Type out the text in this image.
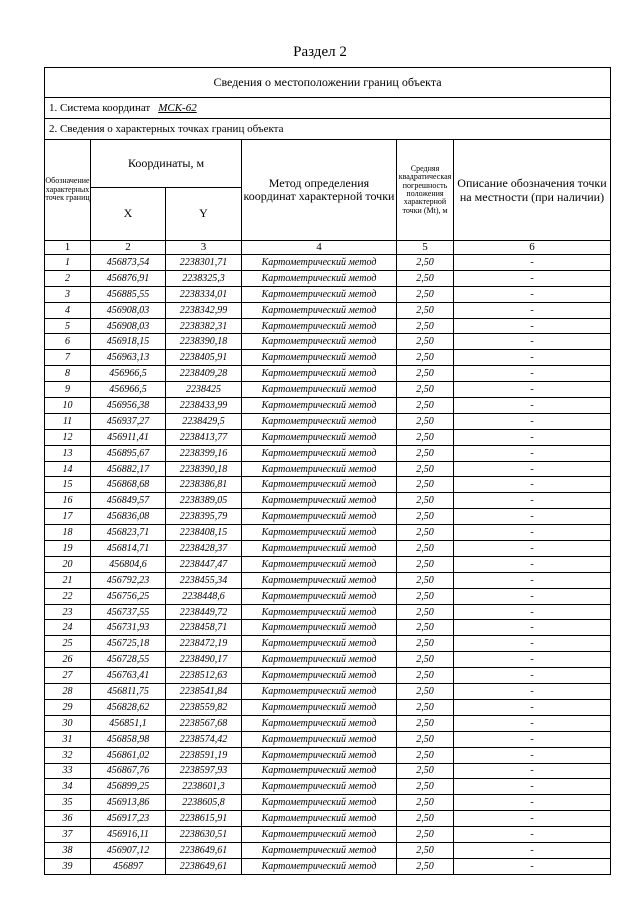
Раздел 2
Сведения о местоположении границ объекта					
1. Система координат МСК-62					
2. Сведения о характерных точках границ объекта					
Обозначение характерных точек границ	Координаты, м		Метод определения координат характерной точки	Средняя квадратическая погрешность положения характерной точки (Mt), м	Описание обозначения точки на местности (при наличии)
	X	Y			
1	2	3	4	5	6
1	456873,54	2238301,71	Картометрический метод	2,50	-
2	456876,91	2238325,3	Картометрический метод	2,50	-
3	456885,55	2238334,01	Картометрический метод	2,50	-
4	456908,03	2238342,99	Картометрический метод	2,50	-
5	456908,03	2238382,31	Картометрический метод	2,50	-
6	456918,15	2238390,18	Картометрический метод	2,50	-
7	456963,13	2238405,91	Картометрический метод	2,50	-
8	456966,5	2238409,28	Картометрический метод	2,50	-
9	456966,5	2238425	Картометрический метод	2,50	-
10	456956,38	2238433,99	Картометрический метод	2,50	-
11	456937,27	2238429,5	Картометрический метод	2,50	-
12	456911,41	2238413,77	Картометрический метод	2,50	-
13	456895,67	2238399,16	Картометрический метод	2,50	-
14	456882,17	2238390,18	Картометрический метод	2,50	-
15	456868,68	2238386,81	Картометрический метод	2,50	-
16	456849,57	2238389,05	Картометрический метод	2,50	-
17	456836,08	2238395,79	Картометрический метод	2,50	-
18	456823,71	2238408,15	Картометрический метод	2,50	-
19	456814,71	2238428,37	Картометрический метод	2,50	-
20	456804,6	2238447,47	Картометрический метод	2,50	-
21	456792,23	2238455,34	Картометрический метод	2,50	-
22	456756,25	2238448,6	Картометрический метод	2,50	-
23	456737,55	2238449,72	Картометрический метод	2,50	-
24	456731,93	2238458,71	Картометрический метод	2,50	-
25	456725,18	2238472,19	Картометрический метод	2,50	-
26	456728,55	2238490,17	Картометрический метод	2,50	-
27	456763,41	2238512,63	Картометрический метод	2,50	-
28	456811,75	2238541,84	Картометрический метод	2,50	-
29	456828,62	2238559,82	Картометрический метод	2,50	-
30	456851,1	2238567,68	Картометрический метод	2,50	-
31	456858,98	2238574,42	Картометрический метод	2,50	-
32	456861,02	2238591,19	Картометрический метод	2,50	-
33	456867,76	2238597,93	Картометрический метод	2,50	-
34	456899,25	2238601,3	Картометрический метод	2,50	-
35	456913,86	2238605,8	Картометрический метод	2,50	-
36	456917,23	2238615,91	Картометрический метод	2,50	-
37	456916,11	2238630,51	Картометрический метод	2,50	-
38	456907,12	2238649,61	Картометрический метод	2,50	-
39	456897	2238649,61	Картометрический метод	2,50	-
